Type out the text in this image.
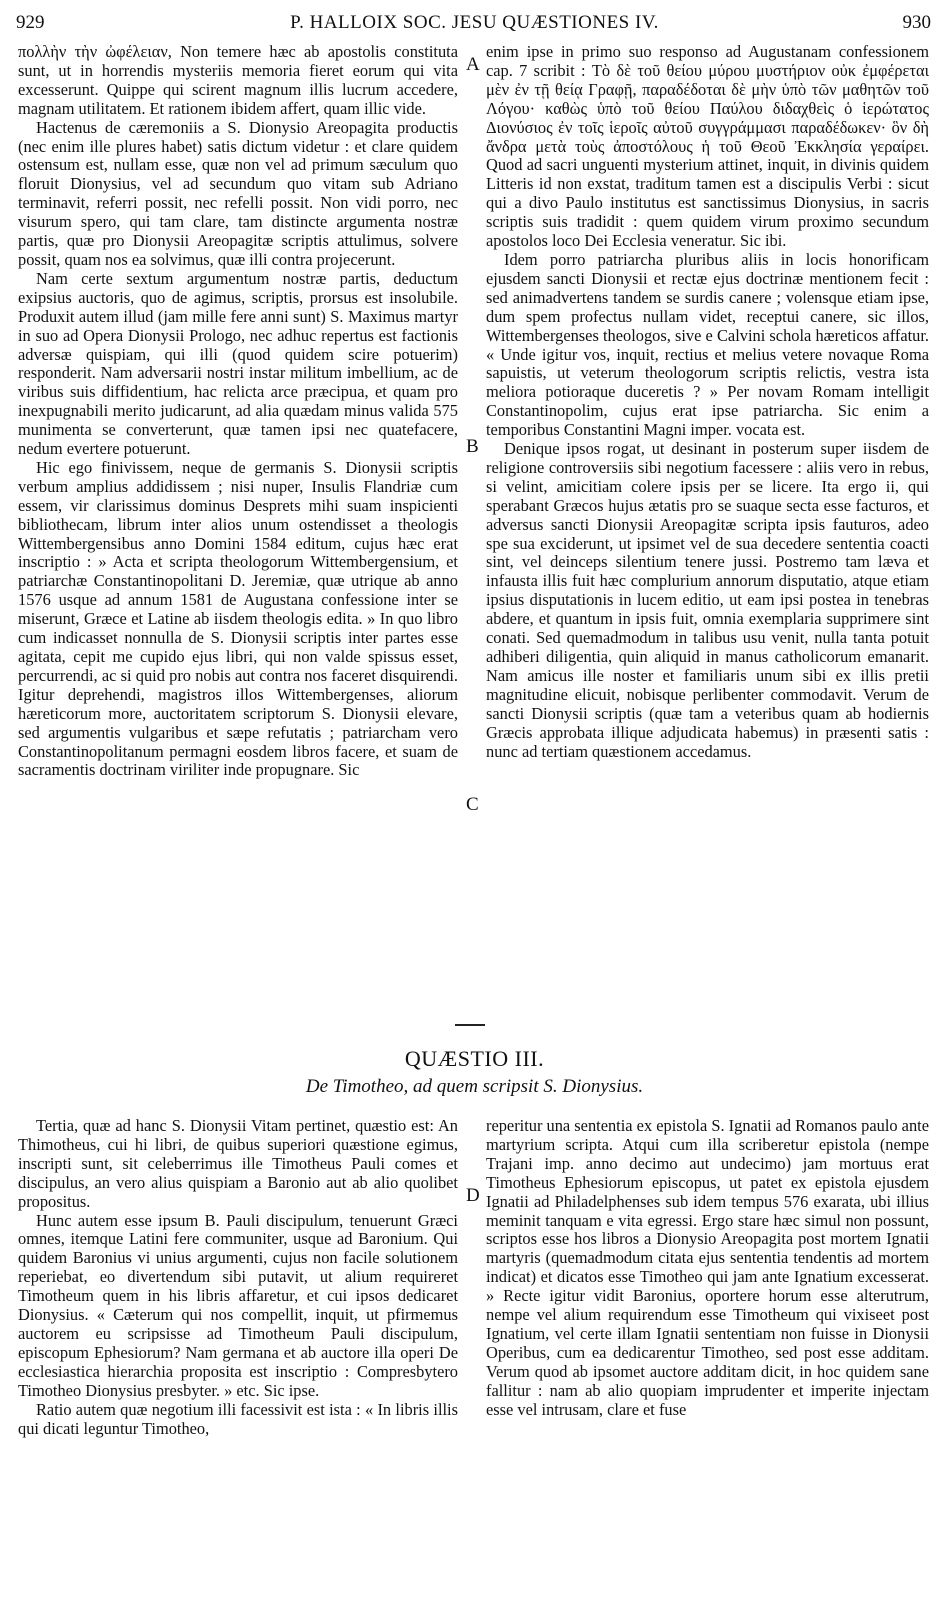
929	P. HALLOIX SOC. JESU QUÆSTIONES IV.	930

πολλὴν τὴν ὠφέλειαν, Non temere hæc ab apostolis constituta sunt, ut in horrendis mysteriis memoria fieret eorum qui vita excesserunt. Quippe qui scirent magnum illis lucrum accedere, magnam utilitatem. Et rationem ibidem affert, quam illic vide.

Hactenus de cæremoniis a S. Dionysio Areopagita productis (nec enim ille plures habet) satis dictum videtur : et clare quidem ostensum est, nullam esse, quæ non vel ad primum sæculum quo floruit Dionysius, vel ad secundum quo vitam sub Adriano terminavit, referri possit, nec refelli possit. Non vidi porro, nec visurum spero, qui tam clare, tam distincte argumenta nostræ partis, quæ pro Dionysii Areopagitæ scriptis attulimus, solvere possit, quam nos ea solvimus, quæ illi contra projecerunt.

Nam certe sextum argumentum nostræ partis, deductum exipsius auctoris, quo de agimus, scriptis, prorsus est insolubile. Produxit autem illud (jam mille fere anni sunt) S. Maximus martyr in suo ad Opera Dionysii Prologo, nec adhuc repertus est factionis adversæ quispiam, qui illi (quod quidem scire potuerim) responderit. Nam adversarii nostri instar militum imbellium, ac de viribus suis diffidentium, hac relicta arce præcipua, et quam pro inexpugnabili merito judicarunt, ad alia quædam minus valida 575 munimenta se converterunt, quæ tamen ipsi nec quatefacere, nedum evertere potuerunt.

Hic ego finivissem, neque de germanis S. Dionysii scriptis verbum amplius addidissem ; nisi nuper, Insulis Flandriæ cum essem, vir clarissimus dominus Desprets mihi suam inspicienti bibliothecam, librum inter alios unum ostendisset a theologis Wittembergensibus anno Domini 1584 editum, cujus hæc erat inscriptio : » Acta et scripta theologorum Wittembergensium, et patriarchæ Constantinopolitani D. Jeremiæ, quæ utrique ab anno 1576 usque ad annum 1581 de Augustana confessione inter se miserunt, Græce et Latine ab iisdem theologis edita. » In quo libro cum indicasset nonnulla de S. Dionysii scriptis inter partes esse agitata, cepit me cupido ejus libri, qui non valde spissus esset, percurrendi, ac si quid pro nobis aut contra nos faceret disquirendi. Igitur deprehendi, magistros illos Wittembergenses, aliorum hæreticorum more, auctoritatem scriptorum S. Dionysii elevare, sed argumentis vulgaribus et sæpe refutatis ; patriarcham vero Constantinopolitanum permagni eosdem libros facere, et suam de sacramentis doctrinam viriliter inde propugnare. Sic

enim ipse in primo suo responso ad Augustanam confessionem cap. 7 scribit : Τὸ δὲ τοῦ θείου μύρου μυστήριον οὐκ ἐμφέρεται μὲν ἐν τῇ θείᾳ Γραφῇ, παραδέδοται δὲ μὴν ὑπὸ τῶν μαθητῶν τοῦ Λόγου· καθὼς ὑπὸ τοῦ θείου Παύλου διδαχθεὶς ὁ ἱερώτατος Διονύσιος ἐν τοῖς ἱεροῖς αὐτοῦ συγγράμμασι παραδέδωκεν· ὃν δὴ ἄνδρα μετὰ τοὺς ἀποστόλους ἡ τοῦ Θεοῦ Ἐκκλησία γεραίρει. Quod ad sacri unguenti mysterium attinet, inquit, in divinis quidem Litteris id non exstat, traditum tamen est a discipulis Verbi : sicut qui a divo Paulo institutus est sanctissimus Dionysius, in sacris scriptis suis tradidit : quem quidem virum proximo secundum apostolos loco Dei Ecclesia veneratur. Sic ibi.

Idem porro patriarcha pluribus aliis in locis honorificam ejusdem sancti Dionysii et rectæ ejus doctrinæ mentionem fecit : sed animadvertens tandem se surdis canere ; volensque etiam ipse, dum spem profectus nullam videt, receptui canere, sic illos, Wittembergenses theologos, sive e Calvini schola hæreticos affatur. « Unde igitur vos, inquit, rectius et melius vetere novaque Roma sapuistis, ut veterum theologorum scriptis relictis, vestra ista meliora potioraque duceretis ? » Per novam Romam intelligit Constantinopolim, cujus erat ipse patriarcha. Sic enim a temporibus Constantini Magni imper. vocata est.

Denique ipsos rogat, ut desinant in posterum super iisdem de religione controversiis sibi negotium facessere : aliis vero in rebus, si velint, amicitiam colere ipsis per se licere. Ita ergo ii, qui sperabant Græcos hujus ætatis pro se suaque secta esse facturos, et adversus sancti Dionysii Areopagitæ scripta ipsis fauturos, adeo spe sua exciderunt, ut ipsimet vel de sua decedere sententia coacti sint, vel deinceps silentium tenere jussi. Postremo tam læva et infausta illis fuit hæc complurium annorum disputatio, atque etiam ipsius disputationis in lucem editio, ut eam ipsi postea in tenebras abdere, et quantum in ipsis fuit, omnia exemplaria supprimere sint conati. Sed quemadmodum in talibus usu venit, nulla tanta potuit adhiberi diligentia, quin aliquid in manus catholicorum emanarit. Nam amicus ille noster et familiaris unum sibi ex illis pretii magnitudine elicuit, nobisque perlibenter commodavit. Verum de sancti Dionysii scriptis (quæ tam a veteribus quam ab hodiernis Græcis approbata illique adjudicata habemus) in præsenti satis : nunc ad tertiam quæstionem accedamus.

A
B
C
D
QUÆSTIO III.
De Timotheo, ad quem scripsit S. Dionysius.

Tertia, quæ ad hanc S. Dionysii Vitam pertinet, quæstio est: An Thimotheus, cui hi libri, de quibus superiori quæstione egimus, inscripti sunt, sit celeberrimus ille Timotheus Pauli comes et discipulus, an vero alius quispiam a Baronio aut ab alio quolibet propositus.

Hunc autem esse ipsum B. Pauli discipulum, tenuerunt Græci omnes, itemque Latini fere communiter, usque ad Baronium. Qui quidem Baronius vi unius argumenti, cujus non facile solutionem reperiebat, eo divertendum sibi putavit, ut alium requireret Timotheum quem in his libris affaretur, et cui ipsos dedicaret Dionysius. « Cæterum qui nos compellit, inquit, ut pfirmemus auctorem eu scripsisse ad Timotheum Pauli discipulum, episcopum Ephesiorum? Nam germana et ab auctore illa operi De ecclesiastica hierarchia proposita est inscriptio : Compresbytero Timotheo Dionysius presbyter. » etc. Sic ipse.

Ratio autem quæ negotium illi facessivit est ista : « In libris illis qui dicati leguntur Timotheo,

reperitur una sententia ex epistola S. Ignatii ad Romanos paulo ante martyrium scripta. Atqui cum illa scriberetur epistola (nempe Trajani imp. anno decimo aut undecimo) jam mortuus erat Timotheus Ephesiorum episcopus, ut patet ex epistola ejusdem Ignatii ad Philadelphenses sub idem tempus 576 exarata, ubi illius meminit tanquam e vita egressi. Ergo stare hæc simul non possunt, scriptos esse hos libros a Dionysio Areopagita post mortem Ignatii martyris (quemadmodum citata ejus sententia tendentis ad mortem indicat) et dicatos esse Timotheo qui jam ante Ignatium excesserat. » Recte igitur vidit Baronius, oportere horum esse alterutrum, nempe vel alium requirendum esse Timotheum qui vixiseet post Ignatium, vel certe illam Ignatii sententiam non fuisse in Dionysii Operibus, cum ea dedicarentur Timotheo, sed post esse additam. Verum quod ab ipsomet auctore additam dicit, in hoc quidem sane fallitur : nam ab alio quopiam imprudenter et imperite injectam esse vel intrusam, clare et fuse
